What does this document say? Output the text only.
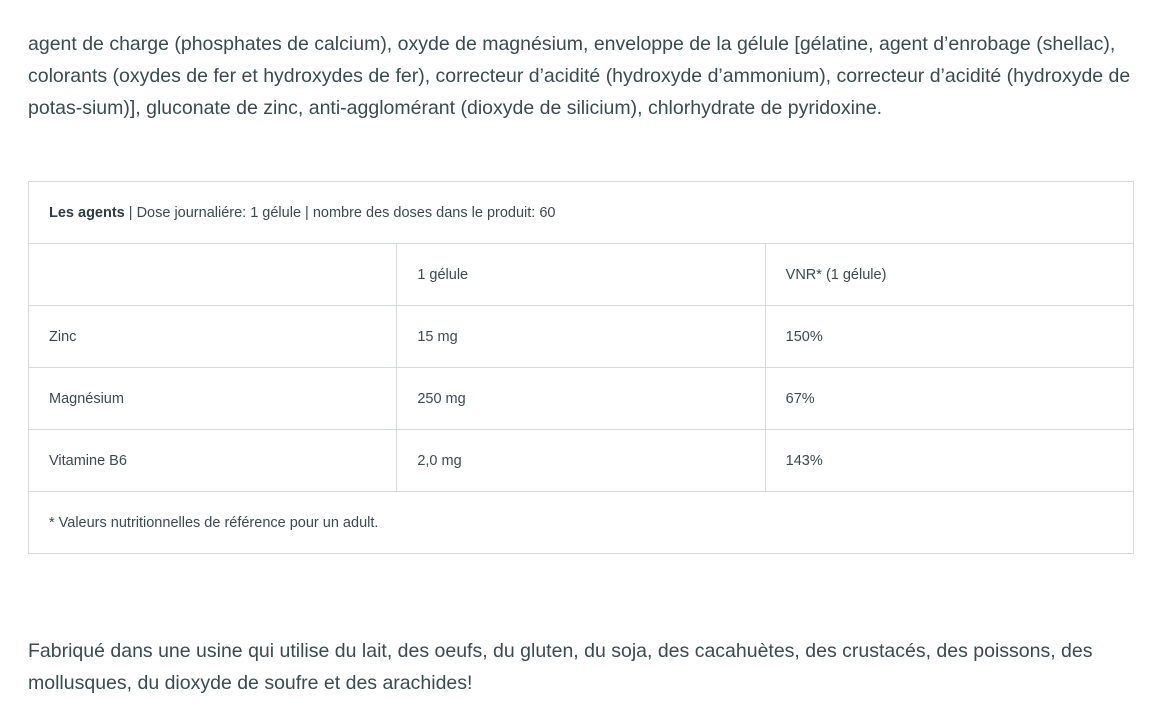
agent de charge (phosphates de calcium), oxyde de magnésium, enveloppe de la gélule [gélatine, agent d’enrobage (shellac), colorants (oxydes de fer et hydroxydes de fer), correcteur d’acidité (hydroxyde d’ammonium), correcteur d’acidité (hydroxyde de potas-sium)], gluconate de zinc, anti-agglomérant (dioxyde de silicium), chlorhydrate de pyridoxine.

Les agents | Dose journaliére: 1 gélule | nombre des doses dans le produit: 60		
	1 gélule	VNR* (1 gélule)
Zinc	15 mg	150%
Magnésium	250 mg	67%
Vitamine B6	2,0 mg	143%
* Valeurs nutritionnelles de référence pour un adult.		

Fabriqué dans une usine qui utilise du lait, des oeufs, du gluten, du soja, des cacahuètes, des crustacés, des poissons, des mollusques, du dioxyde de soufre et des arachides!
